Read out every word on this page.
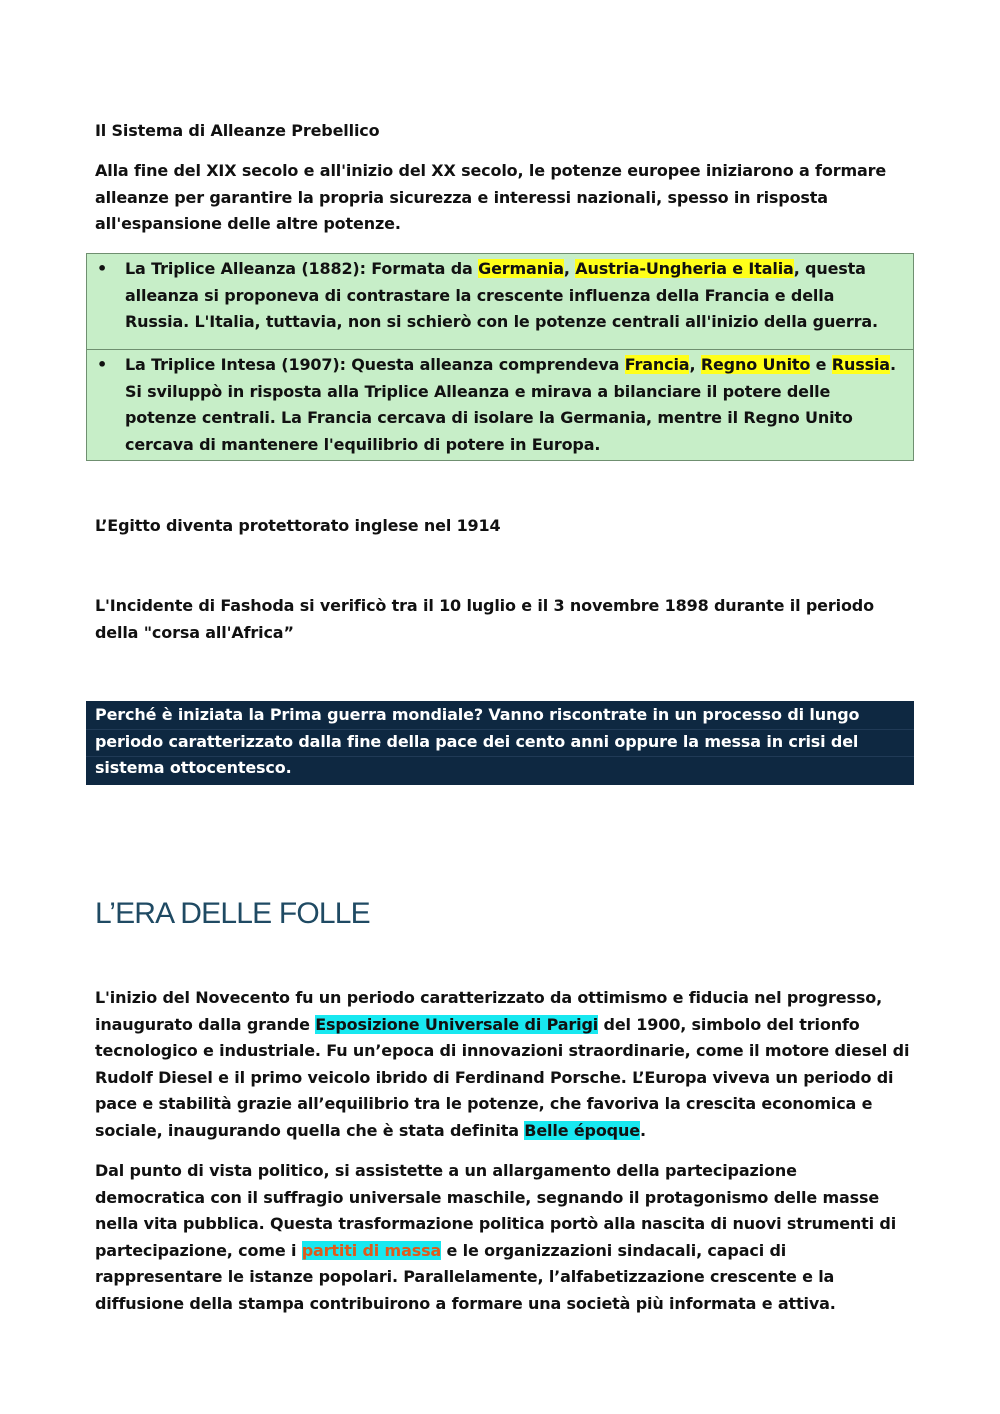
Il Sistema di Alleanze Prebellico

Alla fine del XIX secolo e all'inizio del XX secolo, le potenze europee iniziarono a formare alleanze per garantire la propria sicurezza e interessi nazionali, spesso in risposta all'espansione delle altre potenze.

• La Triplice Alleanza (1882): Formata da Germania, Austria-Ungheria e Italia, questa alleanza si proponeva di contrastare la crescente influenza della Francia e della Russia. L'Italia, tuttavia, non si schierò con le potenze centrali all'inizio della guerra.

• La Triplice Intesa (1907): Questa alleanza comprendeva Francia, Regno Unito e Russia. Si sviluppò in risposta alla Triplice Alleanza e mirava a bilanciare il potere delle potenze centrali. La Francia cercava di isolare la Germania, mentre il Regno Unito cercava di mantenere l'equilibrio di potere in Europa.

L’Egitto diventa protettorato inglese nel 1914

L'Incidente di Fashoda si verificò tra il 10 luglio e il 3 novembre 1898 durante il periodo della "corsa all'Africa”

Perché è iniziata la Prima guerra mondiale? Vanno riscontrate in un processo di lungo periodo caratterizzato dalla fine della pace dei cento anni oppure la messa in crisi del sistema ottocentesco.

L’ERA DELLE FOLLE

L'inizio del Novecento fu un periodo caratterizzato da ottimismo e fiducia nel progresso, inaugurato dalla grande Esposizione Universale di Parigi del 1900, simbolo del trionfo tecnologico e industriale. Fu un’epoca di innovazioni straordinarie, come il motore diesel di Rudolf Diesel e il primo veicolo ibrido di Ferdinand Porsche. L’Europa viveva un periodo di pace e stabilità grazie all’equilibrio tra le potenze, che favoriva la crescita economica e sociale, inaugurando quella che è stata definita Belle époque.

Dal punto di vista politico, si assistette a un allargamento della partecipazione democratica con il suffragio universale maschile, segnando il protagonismo delle masse nella vita pubblica. Questa trasformazione politica portò alla nascita di nuovi strumenti di partecipazione, come i partiti di massa e le organizzazioni sindacali, capaci di rappresentare le istanze popolari. Parallelamente, l’alfabetizzazione crescente e la diffusione della stampa contribuirono a formare una società più informata e attiva.
